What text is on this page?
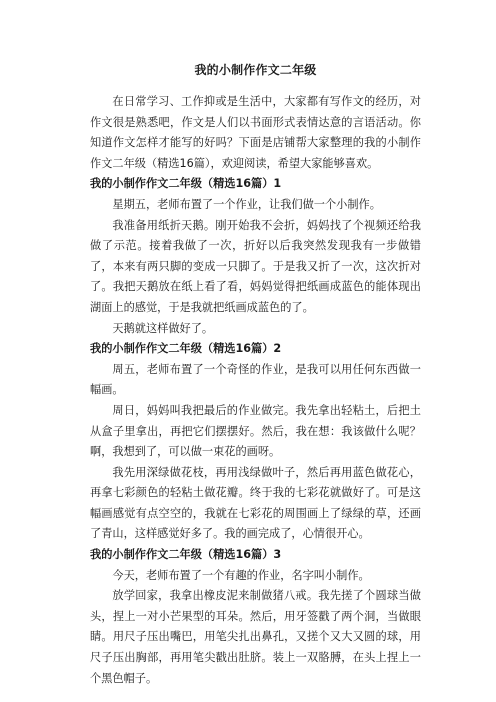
我的小制作作文二年级

在日常学习、工作抑或是生活中，大家都有写作文的经历，对作文很是熟悉吧，作文是人们以书面形式表情达意的言语活动。你知道作文怎样才能写的好吗？下面是店铺帮大家整理的我的小制作作文二年级（精选16篇），欢迎阅读，希望大家能够喜欢。

我的小制作作文二年级（精选16篇）1

星期五，老师布置了一个作业，让我们做一个小制作。

我准备用纸折天鹅。刚开始我不会折，妈妈找了个视频还给我做了示范。接着我做了一次，折好以后我突然发现我有一步做错了，本来有两只脚的变成一只脚了。于是我又折了一次，这次折对了。我把天鹅放在纸上看了看，妈妈觉得把纸画成蓝色的能体现出湖面上的感觉，于是我就把纸画成蓝色的了。

天鹅就这样做好了。

我的小制作作文二年级（精选16篇）2

周五，老师布置了一个奇怪的作业，是我可以用任何东西做一幅画。

周日，妈妈叫我把最后的作业做完。我先拿出轻粘土，后把土从盒子里拿出，再把它们摆摆好。然后，我在想：我该做什么呢？啊，我想到了，可以做一束花的画呀。

我先用深绿做花枝，再用浅绿做叶子，然后再用蓝色做花心，再拿七彩颜色的轻粘土做花瓣。终于我的七彩花就做好了。可是这幅画感觉有点空空的，我就在七彩花的周围画上了绿绿的草，还画了青山，这样感觉好多了。我的画完成了，心情很开心。

我的小制作作文二年级（精选16篇）3

今天，老师布置了一个有趣的作业，名字叫小制作。

放学回家，我拿出橡皮泥来制做猪八戒。我先搓了个圆球当做头，捏上一对小芒果型的耳朵。然后，用牙签戳了两个洞，当做眼睛。用尺子压出嘴巴，用笔尖扎出鼻孔，又搓个又大又圆的球，用尺子压出胸部，再用笔尖戳出肚脐。装上一双胳膊，在头上捏上一个黑色帽子。
